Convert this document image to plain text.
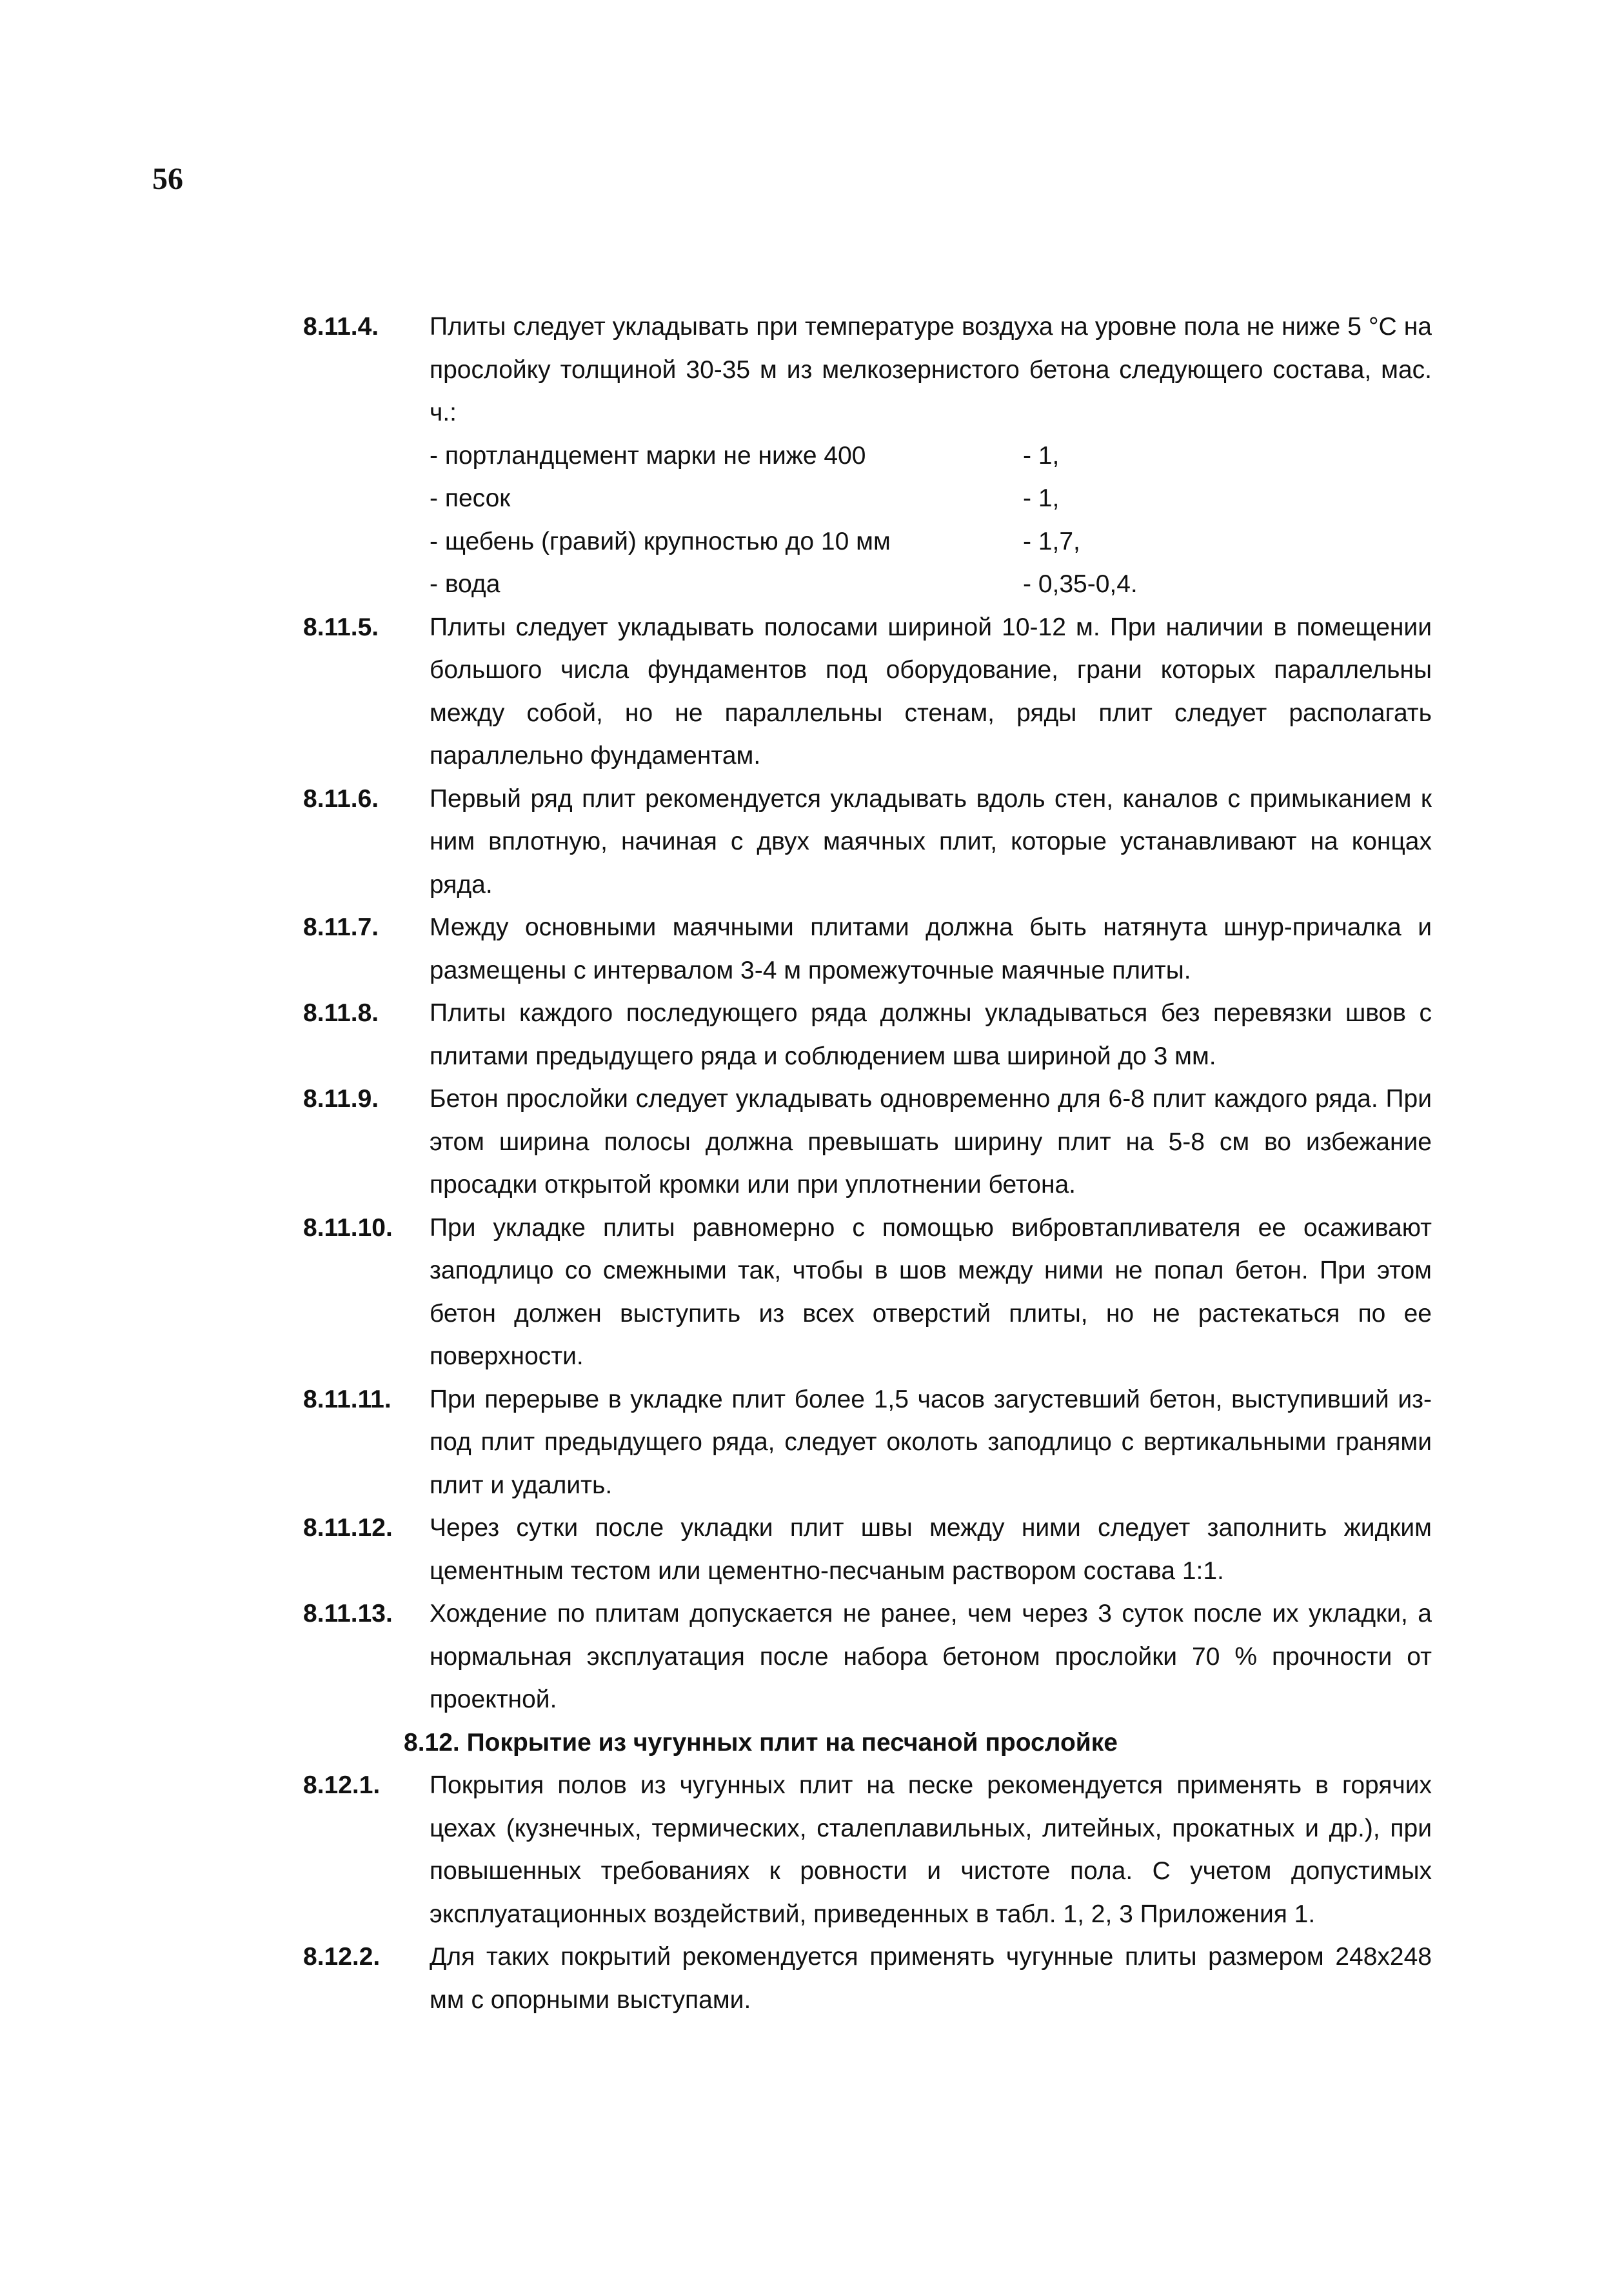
56
8.11.4. Плиты следует укладывать при температуре воздуха на уровне пола не ниже 5 °С на прослойку толщиной 30-35 м из мелкозернистого бетона следующего состава, мас. ч.:
- портландцемент марки не ниже 400	- 1,
- песок	- 1,
- щебень (гравий) крупностью до 10 мм	- 1,7,
- вода	- 0,35-0,4.
8.11.5. Плиты следует укладывать полосами шириной 10-12 м. При наличии в помещении большого числа фундаментов под оборудование, грани которых параллельны между собой, но не параллельны стенам, ряды плит следует располагать параллельно фундаментам.
8.11.6. Первый ряд плит рекомендуется укладывать вдоль стен, каналов с примыканием к ним вплотную, начиная с двух маячных плит, которые устанавливают на концах ряда.
8.11.7. Между основными маячными плитами должна быть натянута шнур-причалка и размещены с интервалом 3-4 м промежуточные маячные плиты.
8.11.8. Плиты каждого последующего ряда должны укладываться без перевязки швов с плитами предыдущего ряда и соблюдением шва шириной до 3 мм.
8.11.9. Бетон прослойки следует укладывать одновременно для 6-8 плит каждого ряда. При этом ширина полосы должна превышать ширину плит на 5-8 см во избежание просадки открытой кромки или при уплотнении бетона.
8.11.10. При укладке плиты равномерно с помощью вибровтапливателя ее осаживают заподлицо со смежными так, чтобы в шов между ними не попал бетон. При этом бетон должен выступить из всех отверстий плиты, но не растекаться по ее поверхности.
8.11.11. При перерыве в укладке плит более 1,5 часов загустевший бетон, выступивший из-под плит предыдущего ряда, следует околоть заподлицо с вертикальными гранями плит и удалить.
8.11.12. Через сутки после укладки плит швы между ними следует заполнить жидким цементным тестом или цементно-песчаным раствором состава 1:1.
8.11.13. Хождение по плитам допускается не ранее, чем через 3 суток после их укладки, а нормальная эксплуатация после набора бетоном прослойки 70 % прочности от проектной.
8.12. Покрытие из чугунных плит на песчаной прослойке
8.12.1. Покрытия полов из чугунных плит на песке рекомендуется применять в горячих цехах (кузнечных, термических, сталеплавильных, литейных, прокатных и др.), при повышенных требованиях к ровности и чистоте пола. С учетом допустимых эксплуатационных воздействий, приведенных в табл. 1, 2, 3 Приложения 1.
8.12.2. Для таких покрытий рекомендуется применять чугунные плиты размером 248х248 мм с опорными выступами.
